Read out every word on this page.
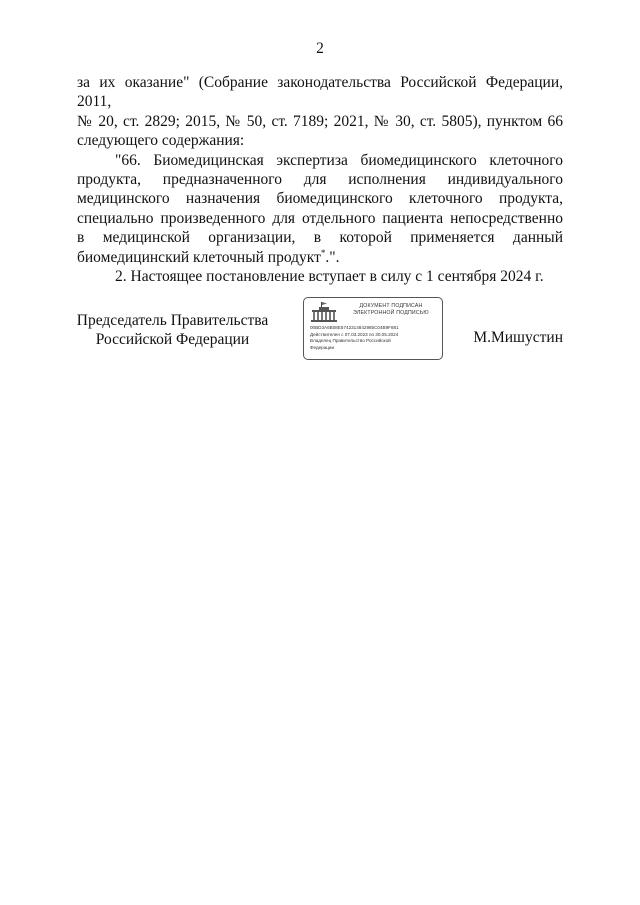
2

за их оказание" (Собрание законодательства Российской Федерации, 2011,
№ 20, ст. 2829; 2015, № 50, ст. 7189; 2021, № 30, ст. 5805), пунктом 66
следующего содержания:

"66. Биомедицинская экспертиза биомедицинского клеточного
продукта, предназначенного для исполнения индивидуального
медицинского назначения биомедицинского клеточного продукта,
специально произведенного для отдельного пациента непосредственно
в медицинской организации, в которой применяется данный
биомедицинский клеточный продукт*.".

2. Настоящее постановление вступает в силу с 1 сентября 2024 г.

Председатель Правительства
Российской Федерации
ДОКУМЕНТ ПОДПИСАН
ЭЛЕКТРОННОЙ ПОДПИСЬЮ
00BD3A6B08E5742314842985C04B9F881
Действителен с 07.03.2023 по 30.05.2024
Владелец Правительство Российской
Федерации
М.Мишустин
